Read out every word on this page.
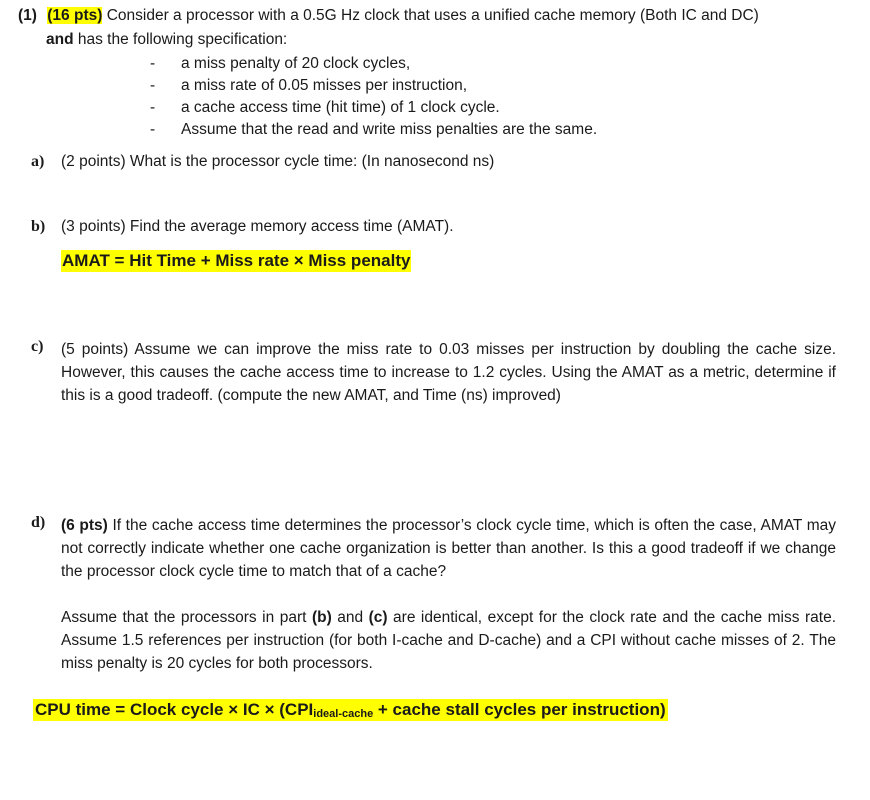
(1) (16 pts) Consider a processor with a 0.5G Hz clock that uses a unified cache memory (Both IC and DC)
and has the following specification:
- a miss penalty of 20 clock cycles,
- a miss rate of 0.05 misses per instruction,
- a cache access time (hit time) of 1 clock cycle.
- Assume that the read and write miss penalties are the same.
a) (2 points) What is the processor cycle time: (In nanosecond ns)
b) (3 points) Find the average memory access time (AMAT).
AMAT = Hit Time + Miss rate × Miss penalty
c) (5 points) Assume we can improve the miss rate to 0.03 misses per instruction by doubling the cache size. However, this causes the cache access time to increase to 1.2 cycles. Using the AMAT as a metric, determine if this is a good tradeoff. (compute the new AMAT, and Time (ns) improved)
d) (6 pts) If the cache access time determines the processor’s clock cycle time, which is often the case, AMAT may not correctly indicate whether one cache organization is better than another. Is this a good tradeoff if we change the processor clock cycle time to match that of a cache?
Assume that the processors in part (b) and (c) are identical, except for the clock rate and the cache miss rate. Assume 1.5 references per instruction (for both I-cache and D-cache) and a CPI without cache misses of 2. The miss penalty is 20 cycles for both processors.
CPU time = Clock cycle × IC × ($CPI_{ideal-cache}$ + cache stall cycles per instruction)
